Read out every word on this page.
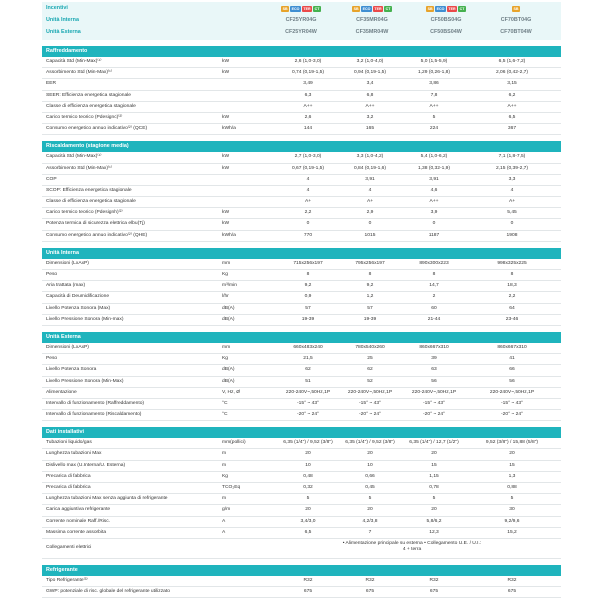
Incentivi
Unità Interna	CF25YR04G	CF35MR04G	CF50BS04G	CF70BT04G
Unità Esterna	CF25YR04W	CF35MR04W	CF50BS04W	CF70BT04W
SB ECO TER CT	SB ECO TER CT	SB ECO TER CT	SB
Raffreddamento
Capacità Std (Min-Max)⁽¹⁾	kW	2,6 (1,0-3,0)	3,2 (1,0-4,0)	5,0 (1,5-5,9)	6,5 (1,6-7,2)
Assorbimento Std (Min-Max)⁽¹⁾	kW	0,74 (0,19-1,5)	0,94 (0,19-1,5)	1,29 (0,26-1,8)	2,06 (0,42-2,7)
EER	3,49	3,4	3,86	3,15
SEER: Efficienza energetica stagionale	6,3	6,8	7,8	6,2
Classe di efficienza energetica stagionale	A++	A++	A++	A++
Carico termico teorico (Pdesignc)⁽²⁾	kW	2,6	3,2	5	6,5
Consumo energetico annuo indicativo⁽²⁾ (QCE)	kWh/a	144	165	224	367
Riscaldamento (stagione media)
Capacità Std (Min-Max)⁽¹⁾	kW	2,7 (1,0-3,0)	3,3 (1,0-4,2)	5,4 (1,0-6,2)	7,1 (1,8-7,5)
Assorbimento Std (Min-Max)⁽¹⁾	kW	0,67 (0,19-1,5)	0,84 (0,19-1,6)	1,38 (0,32-1,9)	2,15 (0,39-2,7)
COP	4	3,91	3,91	3,3
SCOP: Efficienza energetica stagionale	4	4	4,6	4
Classe di efficienza energetica stagionale	A+	A+	A++	A+
Carico termico teorico (Pdesignh)⁽²⁾	kW	2,2	2,9	3,9	5,45
Potenza termica di sicurezza elettrica elbu(Tj)	kW	0	0	0	0
Consumo energetico annuo indicativo⁽²⁾ (QHE)	kWh/a	770	1015	1187	1908
Unità Interna
Dimensioni (LxAxP)	mm	715x256x197	795x256x197	890x300x223	998x325x225
Peso	Kg	8	8	8	8
Aria trattata (max)	m³/min	9,2	9,2	14,7	18,3
Capacità di Deumidificazione	l/hr	0,9	1,2	2	2,2
Livello Potenza Sonora (Max)	dB(A)	57	57	60	64
Livello Pressione Sonora (Min-max)	dB(A)	19-39	19-39	21-44	23-46
Unità Esterna
Dimensioni (LxAxP)	mm	660x483x240	780x540x260	860x667x310	860x667x310
Peso	Kg	21,5	25	39	41
Livello Potenza Sonora	dB(A)	62	62	63	66
Livello Pressione Sonora (Min-Max)	dB(A)	51	52	56	56
Alimentazione	V, Hz, Ø	220-240V~,50Hz,1P	220-240V~,50Hz,1P	220-240V~,50Hz,1P	220-240V~,50Hz,1P
Intervallo di funzionamento (Raffreddamento)	°C	-15° ~ 43°	-15° ~ 43°	-15° ~ 43°	-15° ~ 43°
Intervallo di funzionamento (Riscaldamento)	°C	-20° ~ 24°	-20° ~ 24°	-20° ~ 24°	-20° ~ 24°
Dati installativi
Tubazioni liquido/gas	mm(pollici)	6,35 (1/4") / 9,52 (3/8")	6,35 (1/4") / 9,52 (3/8")	6,35 (1/4") / 12,7 (1/2")	9,52 (3/8") / 15,88 (5/8")
Lunghezza tubazioni Max	m	20	20	20	20
Dislivello max (U.Interna/U. Esterna)	m	10	10	15	15
Precarica di fabbrica	Kg	0,48	0,66	1,15	1,3
Precarica di fabbrica	TCO₂Eq	0,32	0,45	0,78	0,88
Lunghezza tubazioni Max senza aggiunta di refrigerante	m	5	5	5	5
Carica aggiuntiva refrigerante	g/m	20	20	20	30
Corrente nominale Raff./Risc.	A	3,4/3,0	4,2/3,8	5,8/6,2	9,2/9,6
Massima corrente assorbita	A	6,5	7	12,3	15,2
Collegamenti elettrici
• Alimentazione principale su esterna • Collegamento U.E. / U.I.: 4 + terra
Refrigerante
Tipo Refrigerante⁽³⁾	R32	R32	R32	R32
GWP: potenziale di risc. globale del refrigerante utilizzato	675	675	675	675
